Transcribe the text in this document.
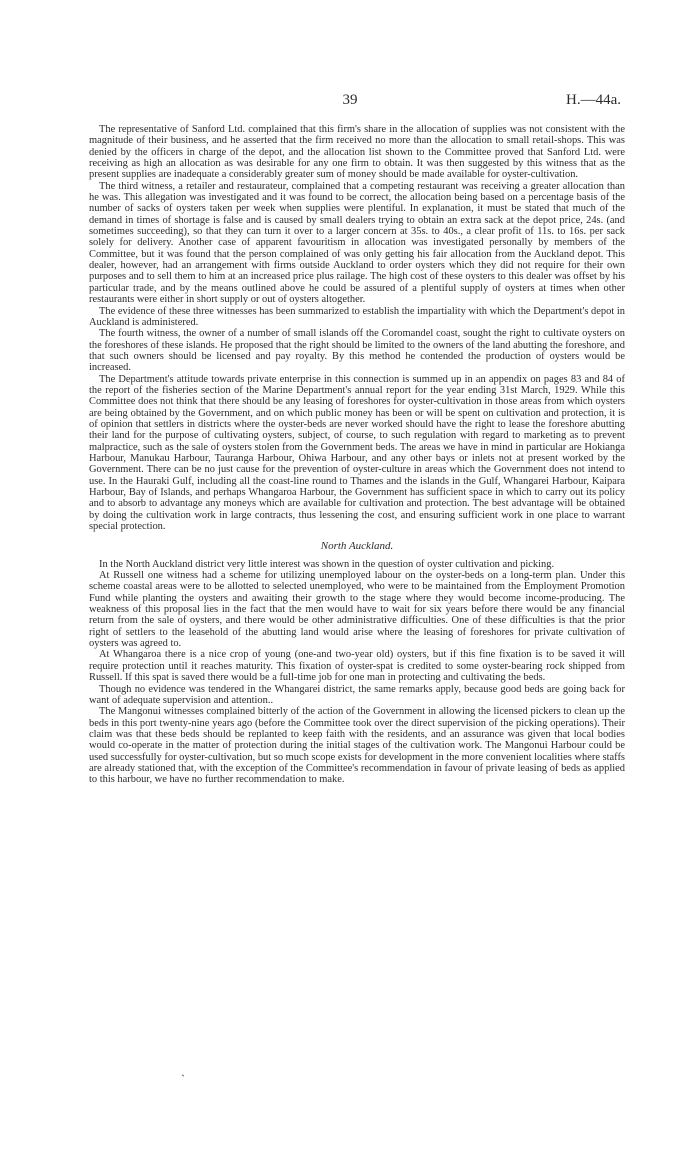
39	H.—44a.

The representative of Sanford Ltd. complained that this firm's share in the allocation of supplies was not consistent with the magnitude of their business, and he asserted that the firm received no more than the allocation to small retail-shops. This was denied by the officers in charge of the depot, and the allocation list shown to the Committee proved that Sanford Ltd. were receiving as high an allocation as was desirable for any one firm to obtain. It was then suggested by this witness that as the present supplies are inadequate a considerably greater sum of money should be made available for oyster-cultivation.

The third witness, a retailer and restaurateur, complained that a competing restaurant was receiving a greater allocation than he was. This allegation was investigated and it was found to be correct, the allocation being based on a percentage basis of the number of sacks of oysters taken per week when supplies were plentiful. In explanation, it must be stated that much of the demand in times of shortage is false and is caused by small dealers trying to obtain an extra sack at the depot price, 24s. (and sometimes succeeding), so that they can turn it over to a larger concern at 35s. to 40s., a clear profit of 11s. to 16s. per sack solely for delivery. Another case of apparent favouritism in allocation was investigated personally by members of the Committee, but it was found that the person complained of was only getting his fair allocation from the Auckland depot. This dealer, however, had an arrangement with firms outside Auckland to order oysters which they did not require for their own purposes and to sell them to him at an increased price plus railage. The high cost of these oysters to this dealer was offset by his particular trade, and by the means outlined above he could be assured of a plentiful supply of oysters at times when other restaurants were either in short supply or out of oysters altogether.

The evidence of these three witnesses has been summarized to establish the impartiality with which the Department's depot in Auckland is administered.

The fourth witness, the owner of a number of small islands off the Coromandel coast, sought the right to cultivate oysters on the foreshores of these islands. He proposed that the right should be limited to the owners of the land abutting the foreshore, and that such owners should be licensed and pay royalty. By this method he contended the production of oysters would be increased.

The Department's attitude towards private enterprise in this connection is summed up in an appendix on pages 83 and 84 of the report of the fisheries section of the Marine Department's annual report for the year ending 31st March, 1929. While this Committee does not think that there should be any leasing of foreshores for oyster-cultivation in those areas from which oysters are being obtained by the Government, and on which public money has been or will be spent on cultivation and protection, it is of opinion that settlers in districts where the oyster-beds are never worked should have the right to lease the foreshore abutting their land for the purpose of cultivating oysters, subject, of course, to such regulation with regard to marketing as to prevent malpractice, such as the sale of oysters stolen from the Government beds. The areas we have in mind in particular are Hokianga Harbour, Manukau Harbour, Tauranga Harbour, Ohiwa Harbour, and any other bays or inlets not at present worked by the Government. There can be no just cause for the prevention of oyster-culture in areas which the Government does not intend to use. In the Hauraki Gulf, including all the coast-line round to Thames and the islands in the Gulf, Whangarei Harbour, Kaipara Harbour, Bay of Islands, and perhaps Whangaroa Harbour, the Government has sufficient space in which to carry out its policy and to absorb to advantage any moneys which are available for cultivation and protection. The best advantage will be obtained by doing the cultivation work in large contracts, thus lessening the cost, and ensuring sufficient work in one place to warrant special protection.

North Auckland.

In the North Auckland district very little interest was shown in the question of oyster cultivation and picking.

At Russell one witness had a scheme for utilizing unemployed labour on the oyster-beds on a long-term plan. Under this scheme coastal areas were to be allotted to selected unemployed, who were to be maintained from the Employment Promotion Fund while planting the oysters and awaiting their growth to the stage where they would become income-producing. The weakness of this proposal lies in the fact that the men would have to wait for six years before there would be any financial return from the sale of oysters, and there would be other administrative difficulties. One of these difficulties is that the prior right of settlers to the leasehold of the abutting land would arise where the leasing of foreshores for private cultivation of oysters was agreed to.

At Whangaroa there is a nice crop of young (one-and two-year old) oysters, but if this fine fixation is to be saved it will require protection until it reaches maturity. This fixation of oyster-spat is credited to some oyster-bearing rock shipped from Russell. If this spat is saved there would be a full-time job for one man in protecting and cultivating the beds.

Though no evidence was tendered in the Whangarei district, the same remarks apply, because good beds are going back for want of adequate supervision and attention..

The Mangonui witnesses complained bitterly of the action of the Government in allowing the licensed pickers to clean up the beds in this port twenty-nine years ago (before the Committee took over the direct supervision of the picking operations). Their claim was that these beds should be replanted to keep faith with the residents, and an assurance was given that local bodies would co-operate in the matter of protection during the initial stages of the cultivation work. The Mangonui Harbour could be used successfully for oyster-cultivation, but so much scope exists for development in the more convenient localities where staffs are already stationed that, with the exception of the Committee's recommendation in favour of private leasing of beds as applied to this harbour, we have no further recommendation to make.

ˎ
